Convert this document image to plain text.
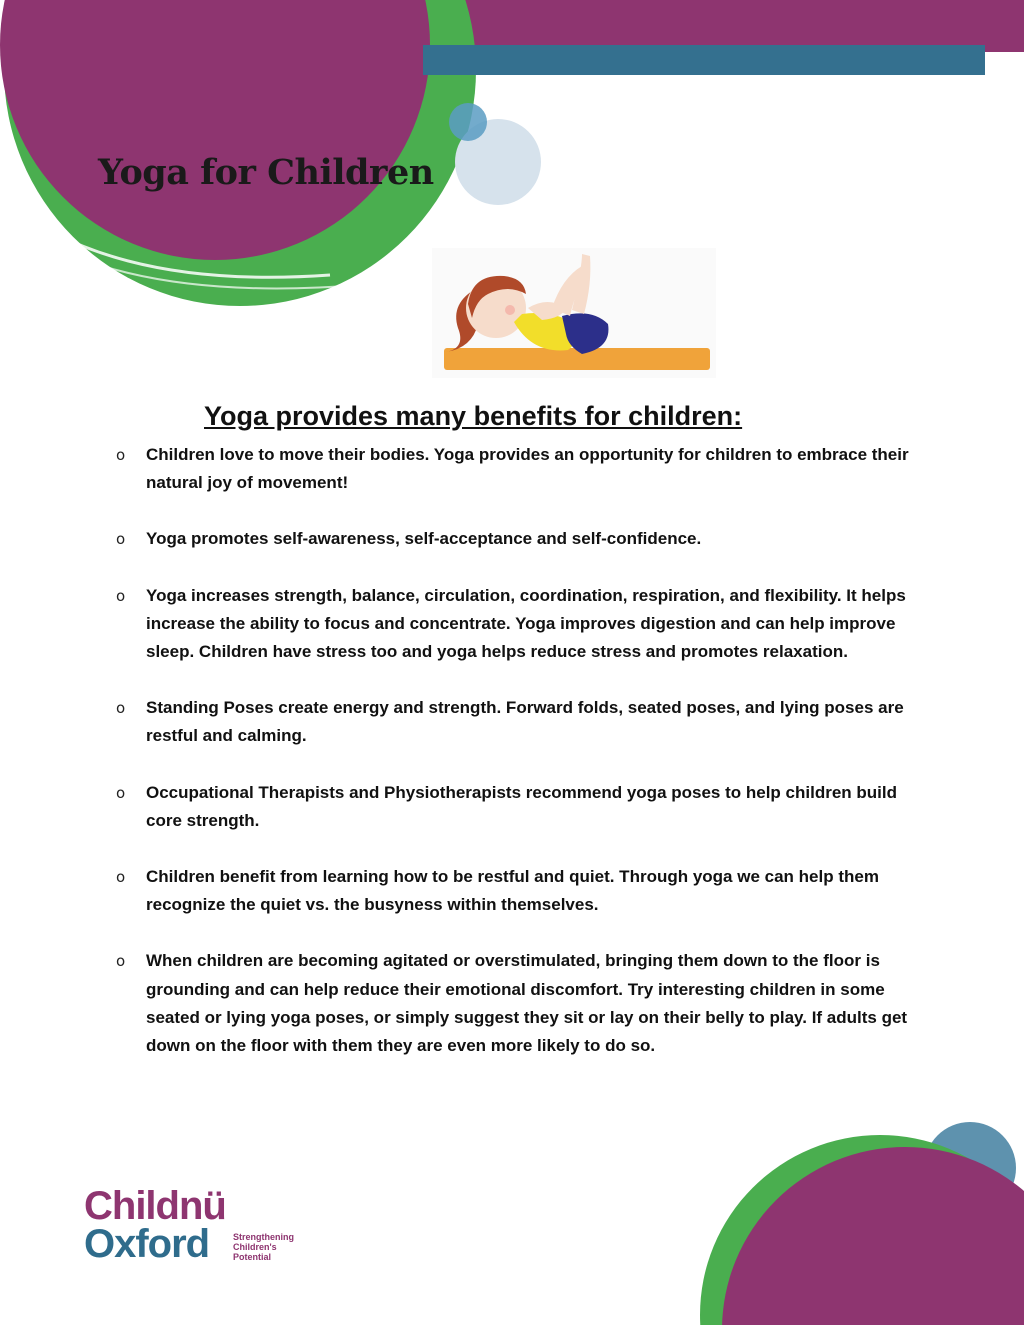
Yoga for Children
Yoga provides many benefits for children:
o	Children love to move their bodies. Yoga provides an opportunity for children to embrace their natural joy of movement!
o	Yoga promotes self-awareness, self-acceptance and self-confidence.
o	Yoga increases strength, balance, circulation, coordination, respiration, and flexibility. It helps increase the ability to focus and concentrate. Yoga improves digestion and can help improve sleep. Children have stress too and yoga helps reduce stress and promotes relaxation.
o	Standing Poses create energy and strength. Forward folds, seated poses, and lying poses are restful and calming.
o	Occupational Therapists and Physiotherapists recommend yoga poses to help children build core strength.
o	Children benefit from learning how to be restful and quiet. Through yoga we can help them recognize the quiet vs. the busyness within themselves.
o	When children are becoming agitated or overstimulated, bringing them down to the floor is grounding and can help reduce their emotional discomfort. Try interesting children in some seated or lying yoga poses, or simply suggest they sit or lay on their belly to play. If adults get down on the floor with them they are even more likely to do so.
Childnü
Oxford	Strengthening
Children's
Potential
